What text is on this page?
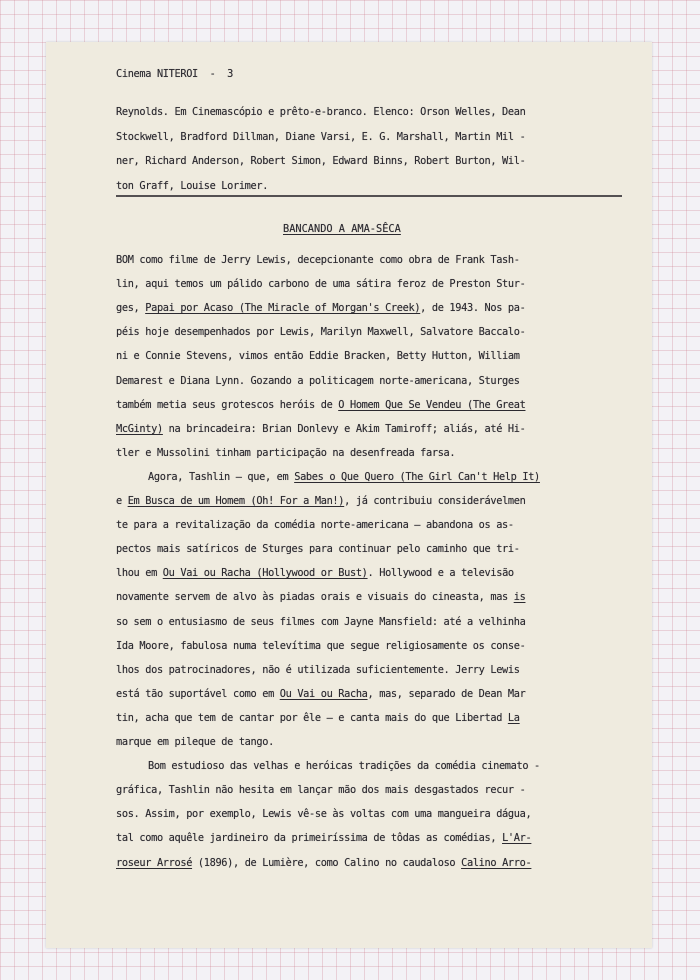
Cinema NITEROI  -  3
Reynolds. Em Cinemascópio e prêto-e-branco. Elenco: Orson Welles, Dean
Stockwell, Bradford Dillman, Diane Varsi, E. G. Marshall, Martin Mil -
ner, Richard Anderson, Robert Simon, Edward Binns, Robert Burton, Wil-
ton Graff, Louise Lorimer.
BANCANDO A AMA-SÊCA
BOM como filme de Jerry Lewis, decepcionante como obra de Frank Tash-
lin, aqui temos um pálido carbono de uma sátira feroz de Preston Stur-
ges, Papai por Acaso (The Miracle of Morgan's Creek), de 1943. Nos pa-
péis hoje desempenhados por Lewis, Marilyn Maxwell, Salvatore Baccalo-
ni e Connie Stevens, vimos então Eddie Bracken, Betty Hutton, William
Demarest e Diana Lynn. Gozando a politicagem norte-americana, Sturges
também metia seus grotescos heróis de O Homem Que Se Vendeu (The Great
McGinty) na brincadeira: Brian Donlevy e Akim Tamiroff; aliás, até Hi-
tler e Mussolini tinham participação na desenfreada farsa.
Agora, Tashlin — que, em Sabes o Que Quero (The Girl Can't Help It)
e Em Busca de um Homem (Oh! For a Man!), já contribuiu considerávelmen
te para a revitalização da comédia norte-americana — abandona os as-
pectos mais satíricos de Sturges para continuar pelo caminho que tri-
lhou em Ou Vai ou Racha (Hollywood or Bust). Hollywood e a televisão
novamente servem de alvo às piadas orais e visuais do cineasta, mas is
so sem o entusiasmo de seus filmes com Jayne Mansfield: até a velhinha
Ida Moore, fabulosa numa televítima que segue religiosamente os conse-
lhos dos patrocinadores, não é utilizada suficientemente. Jerry Lewis
está tão suportável como em Ou Vai ou Racha, mas, separado de Dean Mar
tin, acha que tem de cantar por êle — e canta mais do que Libertad La
marque em pileque de tango.
Bom estudioso das velhas e heróicas tradições da comédia cinemato -
gráfica, Tashlin não hesita em lançar mão dos mais desgastados recur -
sos. Assim, por exemplo, Lewis vê-se às voltas com uma mangueira dágua,
tal como aquêle jardineiro da primeiríssima de tôdas as comédias, L'Ar-
roseur Arrosé (1896), de Lumière, como Calino no caudaloso Calino Arro-
